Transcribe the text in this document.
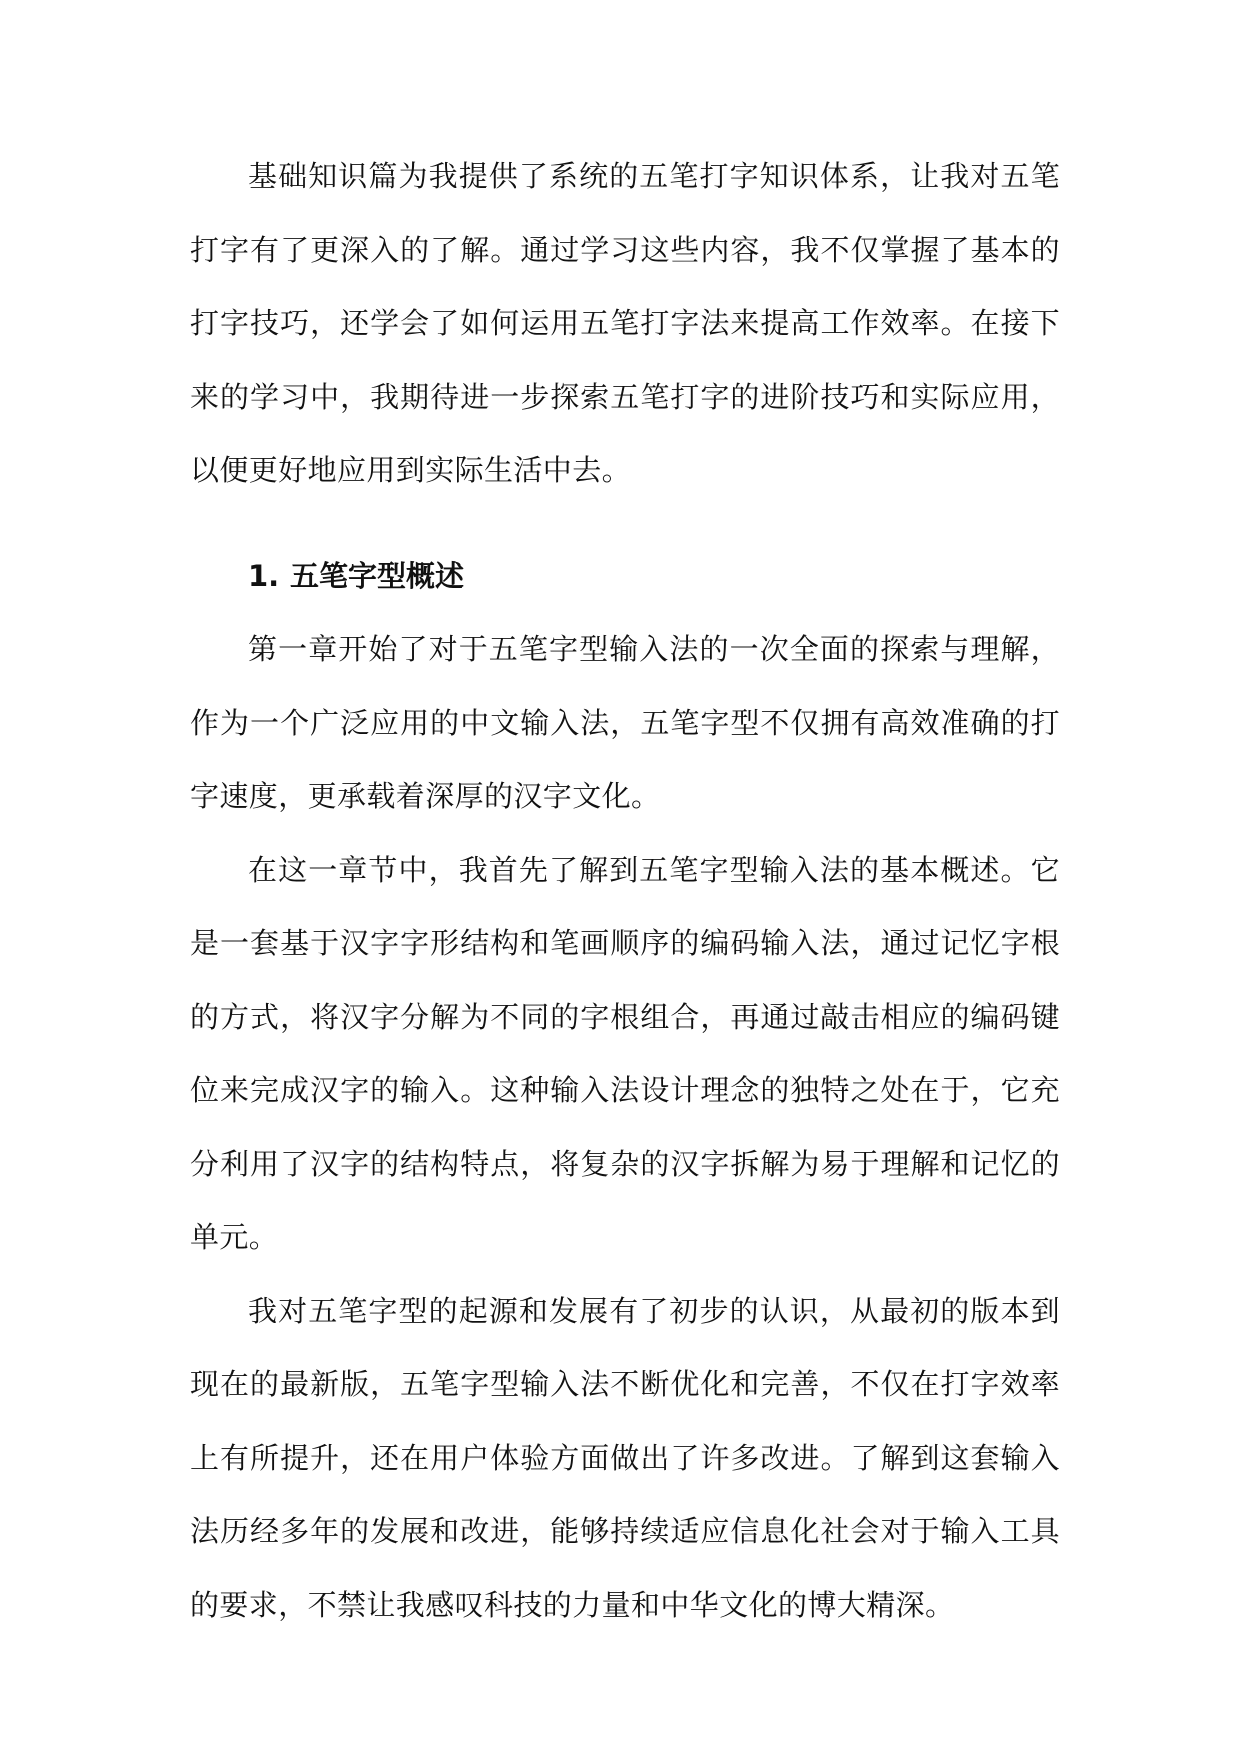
基础知识篇为我提供了系统的五笔打字知识体系，让我对五笔打字有了更深入的了解。通过学习这些内容，我不仅掌握了基本的打字技巧，还学会了如何运用五笔打字法来提高工作效率。在接下来的学习中，我期待进一步探索五笔打字的进阶技巧和实际应用，以便更好地应用到实际生活中去。

1. 五笔字型概述

第一章开始了对于五笔字型输入法的一次全面的探索与理解，作为一个广泛应用的中文输入法，五笔字型不仅拥有高效准确的打字速度，更承载着深厚的汉字文化。

在这一章节中，我首先了解到五笔字型输入法的基本概述。它是一套基于汉字字形结构和笔画顺序的编码输入法，通过记忆字根的方式，将汉字分解为不同的字根组合，再通过敲击相应的编码键位来完成汉字的输入。这种输入法设计理念的独特之处在于，它充分利用了汉字的结构特点，将复杂的汉字拆解为易于理解和记忆的单元。

我对五笔字型的起源和发展有了初步的认识，从最初的版本到现在的最新版，五笔字型输入法不断优化和完善，不仅在打字效率上有所提升，还在用户体验方面做出了许多改进。了解到这套输入法历经多年的发展和改进，能够持续适应信息化社会对于输入工具的要求，不禁让我感叹科技的力量和中华文化的博大精深。
